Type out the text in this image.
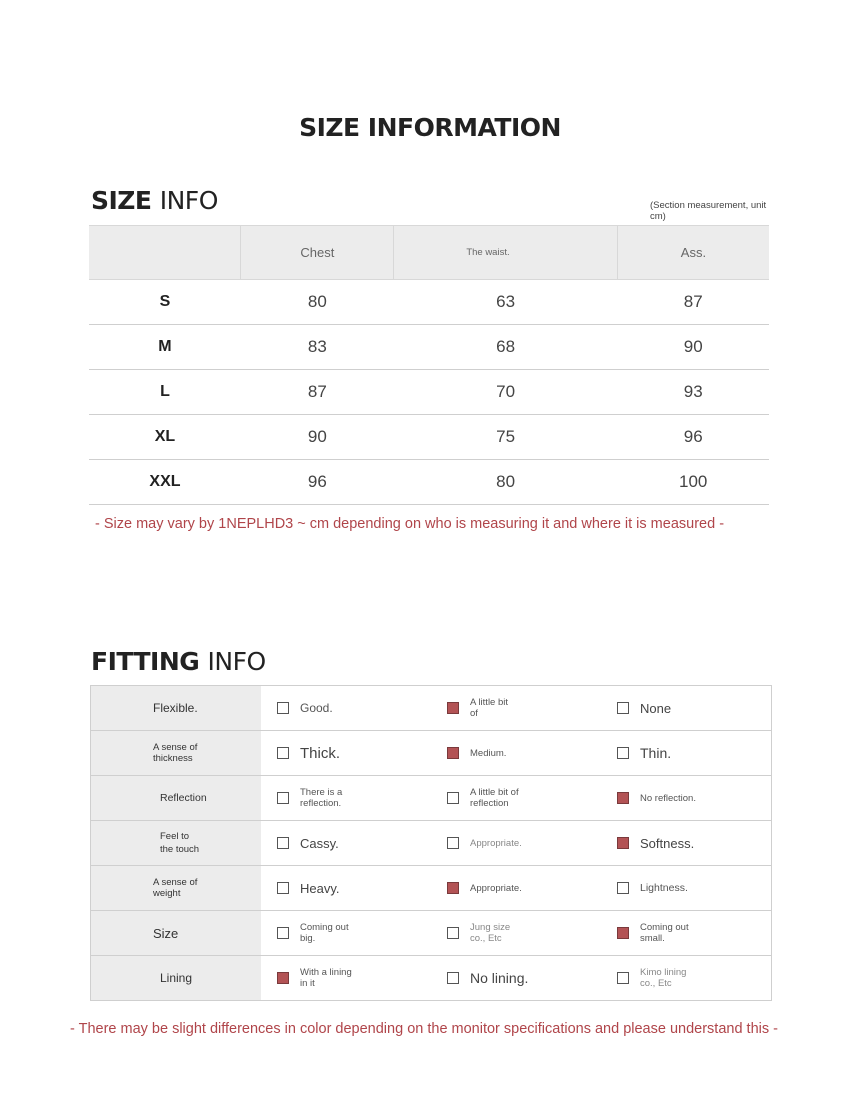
SIZE INFORMATION
SIZE INFO	(Section measurement, unit cm)
	Chest	The waist.	Ass.
S	80	63	87
M	83	68	90
L	87	70	93
XL	90	75	96
XXL	96	80	100

- Size may vary by 1NEPLHD3 ~ cm depending on who is measuring it and where it is measured -

FITTING INFO
Flexible.	Good.	A little bit of	None

A sense of thickness	Thick.	Medium.	Thin.

Reflection	There is a reflection.	A little bit of reflection	No reflection.

Feel to the touch	Cassy.	Appropriate.	Softness.

A sense of weight	Heavy.	Appropriate.	Lightness.

Size	Coming out big.	Jung size co., Etc	Coming out small.

Lining	With a lining in it	No lining.	Kimo lining co., Etc

- There may be slight differences in color depending on the monitor specifications and please understand this -
